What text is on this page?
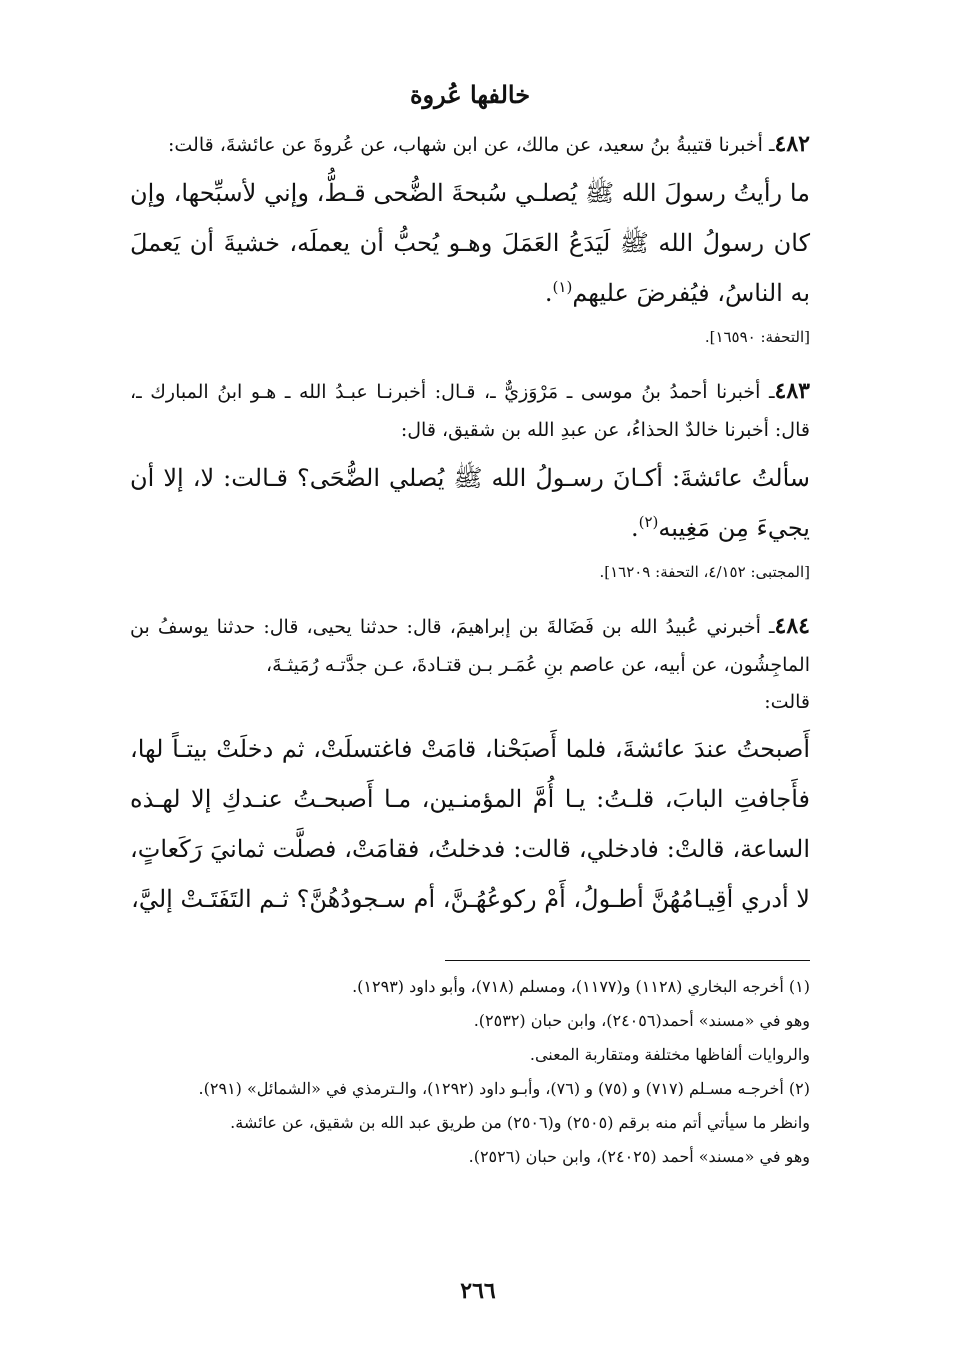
خالفها عُروة

٤٨٢ـ أخبرنا قتيبةُ بنُ سعيد، عن مالك، عن ابن شهاب، عن عُروةَ عن عائشةَ، قالت:

ما رأيتُ رسولَ الله ﷺ يُصلـي سُبحةَ الضُّحى قـطُّ، وإني لأسبِّحها، وإن كان رسولُ الله ﷺ لَيَدَعُ العَمَلَ وهـو يُحبُّ أن يعملَه، خشيةَ أن يَعملَ به الناسُ، فيُفرضَ عليهم$^{(١)}$.

[التحفة: ١٦٥٩٠].

٤٨٣ـ أخبرنا أحمدُ بنُ موسى ـ مَرْوَزيٌّ ـ، قـال: أخبرنـا عبـدُ الله ـ هـو ابنُ المبارك ـ، قال: أخبرنا خالدٌ الحذاءُ، عن عبدِ الله بن شقيق، قال:

سألتُ عائشةَ: أكـانَ رسـولُ الله ﷺ يُصلي الضُّحَى؟ قـالت: لا، إلا أن يجيءَ مِن مَغِيبه$^{(٢)}$.

[المجتبى: ٤/١٥٢، التحفة: ١٦٢٠٩].

٤٨٤ـ أخبرني عُبيدُ الله بن فَضَالةَ بن إبراهيمَ، قال: حدثنا يحيى، قال: حدثنا يوسفُ بن الماجِشُون، عن أبيه، عن عاصم بنِ عُمَـر بـن قتـادةَ، عـن جدَّتـه رُمَيثـةَ،

قالت:

أَصبحتُ عندَ عائشةَ، فلما أَصبَحْنا، قامَتْ فاغتسلَتْ، ثم دخلَتْ بيتـاً لها، فأَجافتِ البابَ، قلـتُ: يـا أُمَّ المؤمنـين، مـا أَصبحـتُ عنـدكِ إلا لهـذه الساعة، قالتْ: فادخلي، قالت: فدخلتُ، فقامَتْ، فصلَّت ثمانيَ رَكَعاتٍ، لا أدري أقِيـامُهُنَّ أطـولُ، أَمْ ركوعُهُـنَّ، أم سـجودُهُنَّ؟ ثـم التَفَتَـتْ إليَّ،

(١) أخرجه البخاري (١١٢٨) و(١١٧٧)، ومسلم (٧١٨)، وأبو داود (١٢٩٣).

وهو في «مسند» أحمد(٢٤٠٥٦)، وابن حبان (٢٥٣٢).

والروايات ألفاظها مختلفة ومتقاربة المعنى.

(٢) أخرجـه مسـلم (٧١٧) و (٧٥) و (٧٦)، وأبـو داود (١٢٩٢)، والـترمذي في «الشمائل» (٢٩١).

وانظر ما سيأتي أتم منه برقم (٢٥٠٥) و(٢٥٠٦) من طريق عبد الله بن شقيق، عن عائشة.

وهو في «مسند» أحمد (٢٤٠٢٥)، وابن حبان (٢٥٢٦).

٢٦٦
